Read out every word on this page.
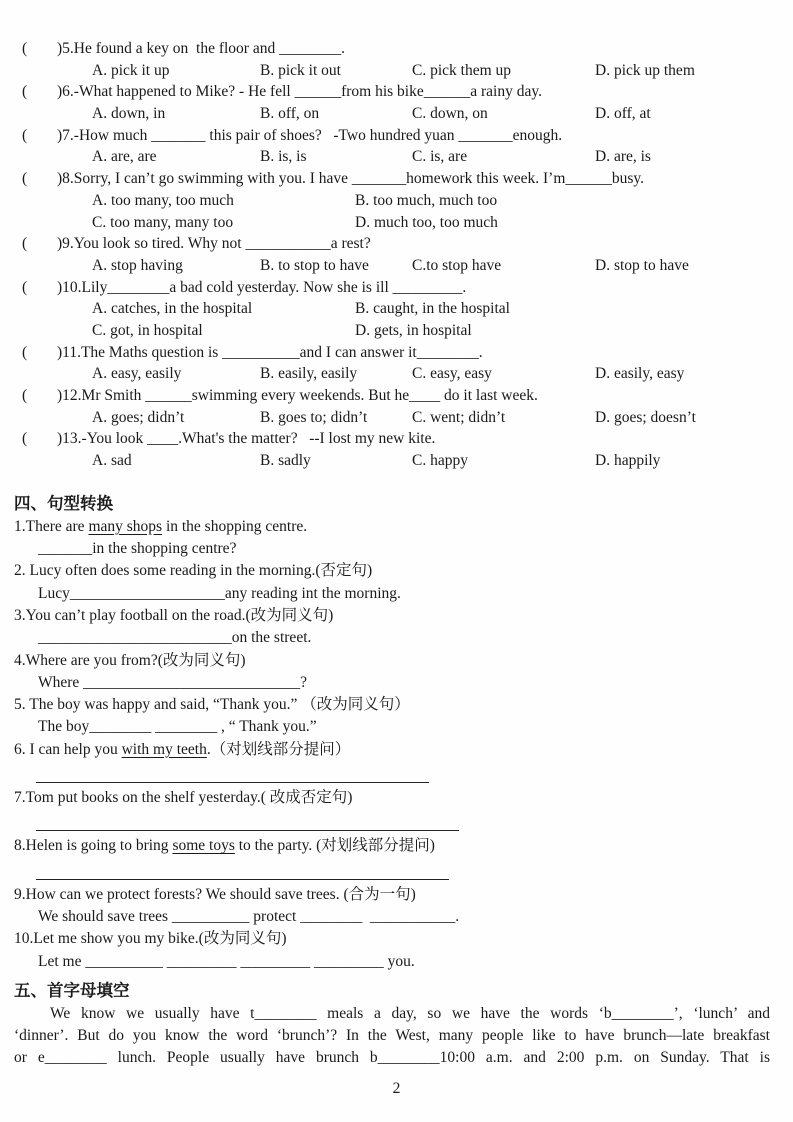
( )5.He found a key on  the floor and ________.
A. pick it up	B. pick it out	C. pick them up	D. pick up them
( )6.-What happened to Mike? - He fell ______from his bike______a rainy day.
A. down, in	B. off, on	C. down, on	D. off, at
( )7.-How much _______ this pair of shoes?   -Two hundred yuan _______enough.
A. are, are	B. is, is	C. is, are	D. are, is
( )8.Sorry, I can’t go swimming with you. I have _______homework this week. I’m______busy.
A. too many, too much	B. too much, much too
C. too many, many too	D. much too, too much
( )9.You look so tired. Why not ___________a rest?
A. stop having	B. to stop to have	C.to stop have	D. stop to have
( )10.Lily________a bad cold yesterday. Now she is ill _________.
A. catches, in the hospital	B. caught, in the hospital
C. got, in hospital	D. gets, in hospital
( )11.The Maths question is __________and I can answer it________.
A. easy, easily	B. easily, easily	C. easy, easy	D. easily, easy
( )12.Mr Smith ______swimming every weekends. But he____ do it last week.
A. goes; didn’t	B. goes to; didn’t	C. went; didn’t	D. goes; doesn’t
( )13.-You look ____.What's the matter?   --I lost my new kite.
A. sad	B. sadly	C. happy	D. happily
四、句型转换
1.There are many shops in the shopping centre.
_______in the shopping centre?
2. Lucy often does some reading in the morning.(否定句)
Lucy____________________any reading int the morning.
3.You can’t play football on the road.(改为同义句)
_________________________on the street.
4.Where are you from?(改为同义句)
Where ____________________________?
5. The boy was happy and said, “Thank you.” （改为同义句）
The boy________ ________ , “ Thank you.”
6. I can help you with my teeth.（对划线部分提问）
7.Tom put books on the shelf yesterday.( 改成否定句)
8.Helen is going to bring some toys to the party. (对划线部分提问)
9.How can we protect forests? We should save trees. (合为一句)
We should save trees __________ protect ________  ___________.
10.Let me show you my bike.(改为同义句)
Let me __________ _________ _________ _________ you.
五、首字母填空
We know we usually have t________ meals a day, so we have the words ‘b________’, ‘lunch’ and
‘dinner’. But do you know the word ‘brunch’? In the West, many people like to have brunch—late breakfast
or e________ lunch. People usually have brunch b________10:00 a.m. and 2:00 p.m. on Sunday. That is
2
